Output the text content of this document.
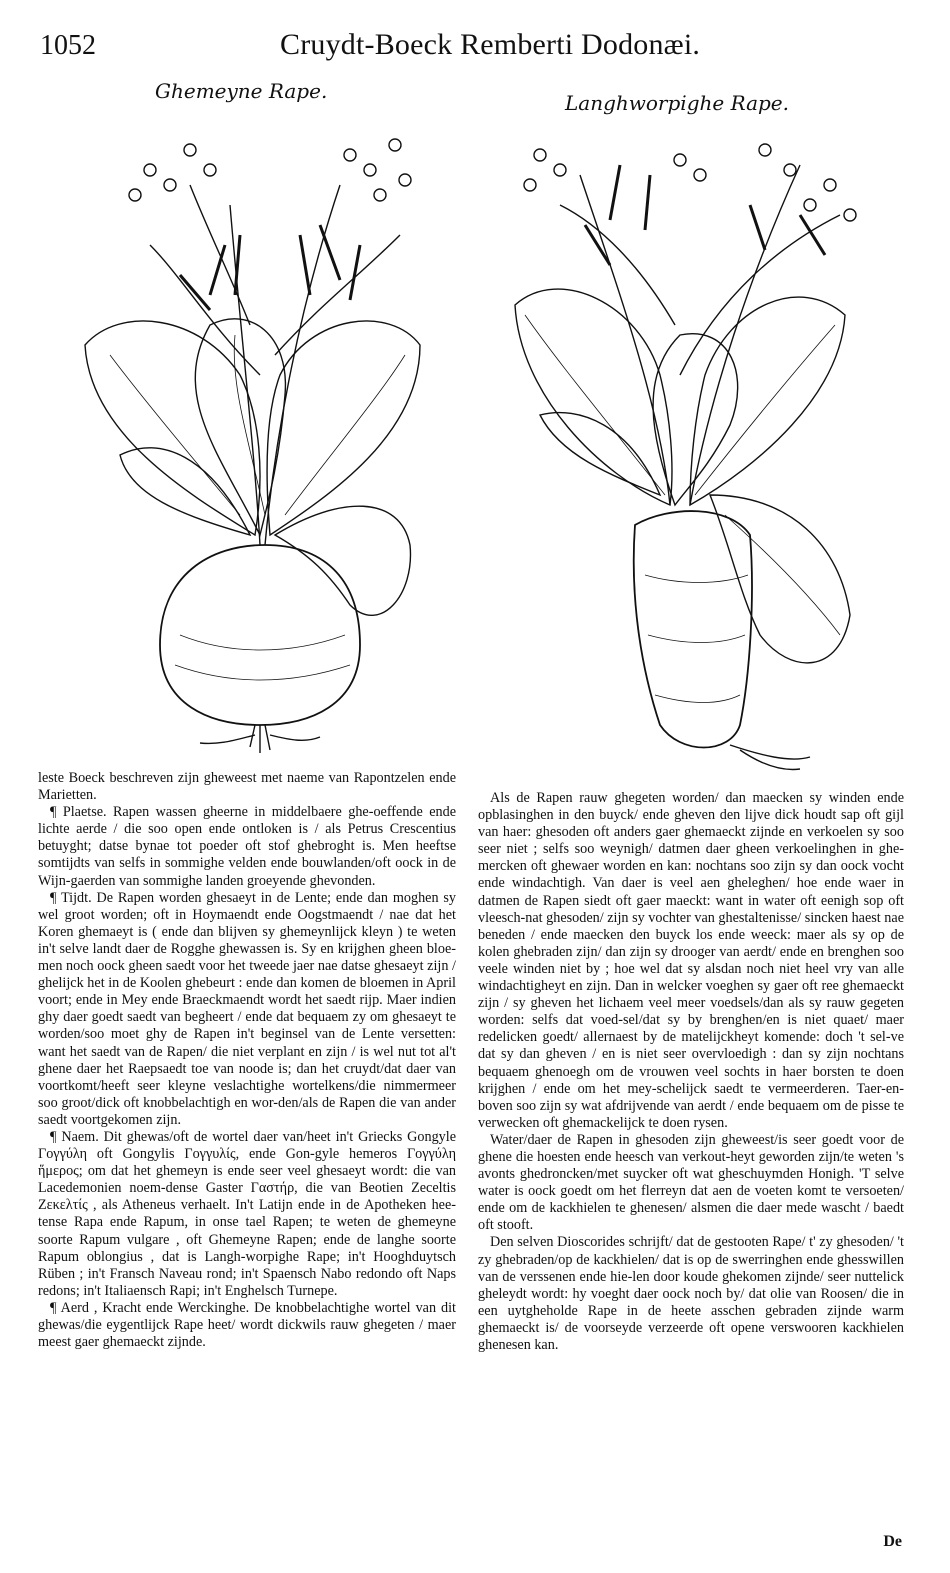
1052	Cruydt-Boeck Remberti Dodonæi.
Ghemeyne Rape.	Langhworpighe Rape.

leste Boeck beschreven zijn gheweest met naeme van Rapontzelen ende Marietten.

¶ Plaetse. Rapen wassen gheerne in middelbaere ghe-oeffende ende lichte aerde / die soo open ende ontloken is / als Petrus Crescentius betuyght; datse bynae tot poeder oft stof ghebroght is. Men heeftse somtijdts van selfs in sommighe velden ende bouwlanden/oft oock in de Wijn-gaerden van sommighe landen groeyende ghevonden.

¶ Tijdt. De Rapen worden ghesaeyt in de Lente; ende dan moghen sy wel groot worden; oft in Hoymaendt ende Oogstmaendt / nae dat het Koren ghemaeyt is ( ende dan blijven sy ghemeynlijck kleyn ) te weten in't selve landt daer de Rogghe ghewassen is. Sy en krijghen gheen bloe-men noch oock gheen saedt voor het tweede jaer nae datse ghesaeyt zijn / ghelijck het in de Koolen ghebeurt : ende dan komen de bloemen in April voort; ende in Mey ende Braeckmaendt wordt het saedt rijp. Maer indien ghy daer goedt saedt van begheert / ende dat bequaem zy om ghesaeyt te worden/soo moet ghy de Rapen in't beginsel van de Lente versetten: want het saedt van de Rapen/ die niet verplant en zijn / is wel nut tot al't ghene daer het Raepsaedt toe van noode is; dan het cruydt/dat daer van voortkomt/heeft seer kleyne veslachtighe wortelkens/die nimmermeer soo groot/dick oft knobbelachtigh en wor-den/als de Rapen die van ander saedt voortgekomen zijn.

¶ Naem. Dit ghewas/oft de wortel daer van/heet in't Griecks Gongyle Γογγύλη oft Gongylis Γογγυλίς, ende Gon-gyle hemeros Γογγύλη ἥμερος; om dat het ghemeyn is ende seer veel ghesaeyt wordt: die van Lacedemonien noem-dense Gaster Γαστήρ, die van Beotien Zeceltis Ζεκελτίς , als Atheneus verhaelt. In't Latijn ende in de Apotheken hee-tense Rapa ende Rapum, in onse tael Rapen; te weten de ghemeyne soorte Rapum vulgare , oft Ghemeyne Rapen; ende de langhe soorte Rapum oblongius , dat is Langh-worpighe Rape; in't Hooghduytsch Rüben ; in't Fransch Naveau rond; in't Spaensch Nabo redondo oft Naps redons; in't Italiaensch Rapi; in't Enghelsch Turnepe.

¶ Aerd , Kracht ende Werckinghe. De knobbelachtighe wortel van dit ghewas/die eygentlijck Rape heet/ wordt dickwils rauw ghegeten / maer meest gaer ghemaeckt zijnde.

Als de Rapen rauw ghegeten worden/ dan maecken sy winden ende opblasinghen in den buyck/ ende gheven den lijve dick houdt sap oft gijl van haer: ghesoden oft anders gaer ghemaeckt zijnde en verkoelen sy soo seer niet ; selfs soo weynigh/ datmen daer gheen verkoelinghen in ghe-mercken oft ghewaer worden en kan: nochtans soo zijn sy dan oock vocht ende windachtigh. Van daer is veel aen gheleghen/ hoe ende waer in datmen de Rapen siedt oft gaer maeckt: want in water oft eenigh sop oft vleesch-nat ghesoden/ zijn sy vochter van ghestaltenisse/ sincken haest nae beneden / ende maecken den buyck los ende weeck: maer als sy op de kolen ghebraden zijn/ dan zijn sy drooger van aerdt/ ende en brenghen soo veele winden niet by ; hoe wel dat sy alsdan noch niet heel vry van alle windachtigheyt en zijn. Dan in welcker voeghen sy gaer oft ree ghemaeckt zijn / sy gheven het lichaem veel meer voedsels/dan als sy rauw gegeten worden: selfs dat voed-sel/dat sy by brenghen/en is niet quaet/ maer redelicken goedt/ allernaest by de matelijckheyt komende: doch 't sel-ve dat sy dan gheven / en is niet seer overvloedigh : dan sy zijn nochtans bequaem ghenoegh om de vrouwen veel sochts in haer borsten te doen krijghen / ende om het mey-schelijck saedt te vermeerderen. Taer-en-boven soo zijn sy wat afdrijvende van aerdt / ende bequaem om de pisse te verwecken oft ghemackelijck te doen rysen.

Water/daer de Rapen in ghesoden zijn gheweest/is seer goedt voor de ghene die hoesten ende heesch van verkout-heyt geworden zijn/te weten 's avonts ghedroncken/met suycker oft wat gheschuymden Honigh. 'T selve water is oock goedt om het flerreyn dat aen de voeten komt te versoeten/ ende om de kackhielen te ghenesen/ alsmen die daer mede wascht / baedt oft stooft.

Den selven Dioscorides schrijft/ dat de gestooten Rape/ t' zy ghesoden/ 't zy ghebraden/op de kackhielen/ dat is op de swerringhen ende ghesswillen van de verssenen ende hie-len door koude ghekomen zijnde/ seer nuttelick gheleydt wordt: hy voeght daer oock noch by/ dat olie van Roosen/ die in een uytgheholde Rape in de heete asschen gebraden zijnde warm ghemaeckt is/ de voorseyde verzeerde oft opene verswooren kackhielen ghenesen kan.

De
